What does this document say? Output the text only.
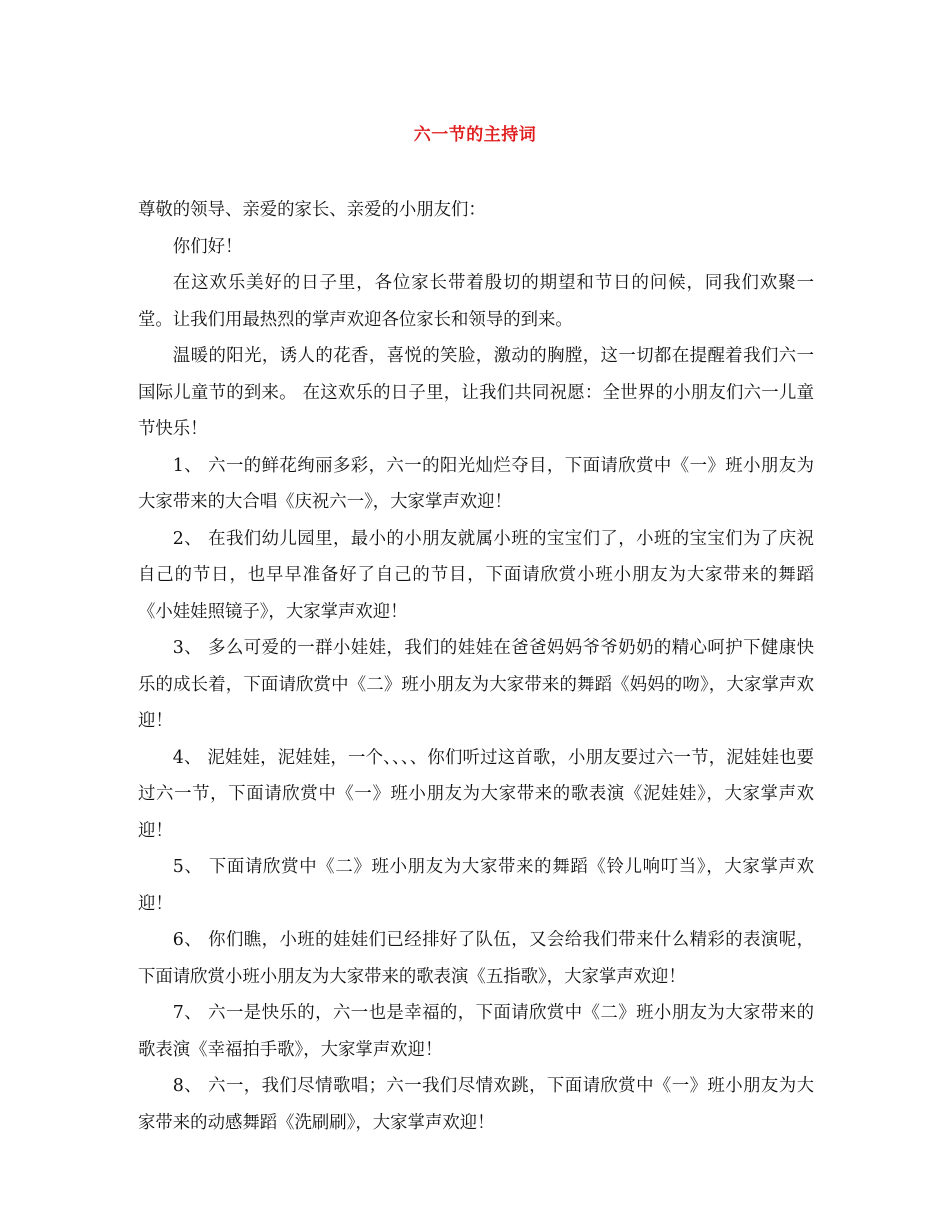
六一节的主持词

尊敬的领导、亲爱的家长、亲爱的小朋友们：

你们好！

在这欢乐美好的日子里，各位家长带着殷切的期望和节日的问候，同我们欢聚一堂。让我们用最热烈的掌声欢迎各位家长和领导的到来。

温暖的阳光，诱人的花香，喜悦的笑脸，激动的胸膛，这一切都在提醒着我们六一国际儿童节的到来。 在这欢乐的日子里，让我们共同祝愿：全世界的小朋友们六一儿童节快乐！

1、 六一的鲜花绚丽多彩，六一的阳光灿烂夺目，下面请欣赏中《一》班小朋友为大家带来的大合唱《庆祝六一》，大家掌声欢迎！

2、 在我们幼儿园里，最小的小朋友就属小班的宝宝们了，小班的宝宝们为了庆祝自己的节日，也早早准备好了自己的节目，下面请欣赏小班小朋友为大家带来的舞蹈《小娃娃照镜子》，大家掌声欢迎！

3、 多么可爱的一群小娃娃，我们的娃娃在爸爸妈妈爷爷奶奶的精心呵护下健康快乐的成长着，下面请欣赏中《二》班小朋友为大家带来的舞蹈《妈妈的吻》，大家掌声欢迎！

4、 泥娃娃，泥娃娃，一个、、、、你们听过这首歌，小朋友要过六一节，泥娃娃也要过六一节，下面请欣赏中《一》班小朋友为大家带来的歌表演《泥娃娃》，大家掌声欢迎！

5、 下面请欣赏中《二》班小朋友为大家带来的舞蹈《铃儿响叮当》，大家掌声欢迎！

6、 你们瞧，小班的娃娃们已经排好了队伍，又会给我们带来什么精彩的表演呢，下面请欣赏小班小朋友为大家带来的歌表演《五指歌》，大家掌声欢迎！

7、 六一是快乐的，六一也是幸福的，下面请欣赏中《二》班小朋友为大家带来的歌表演《幸福拍手歌》，大家掌声欢迎！

8、 六一，我们尽情歌唱；六一我们尽情欢跳，下面请欣赏中《一》班小朋友为大家带来的动感舞蹈《洗刷刷》，大家掌声欢迎！
